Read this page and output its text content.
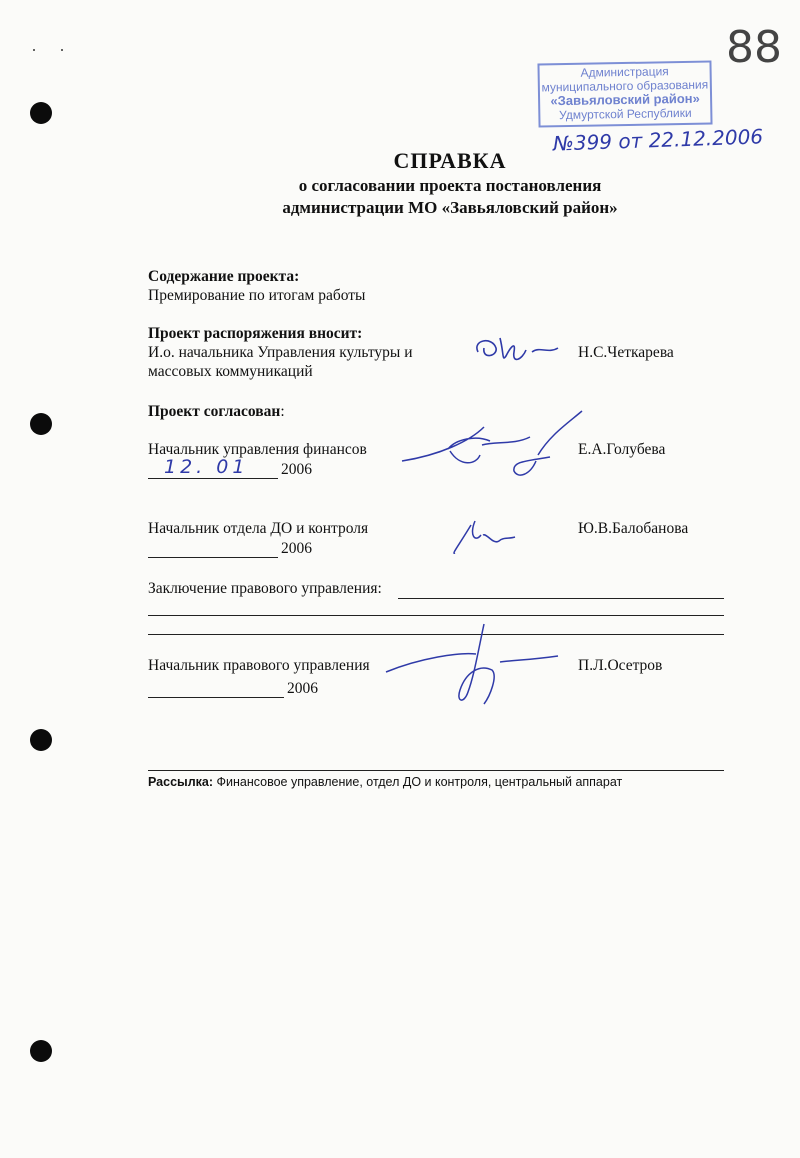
88
Администрация
муниципального образования
«Завьяловский район»
Удмуртской Республики
№399 от 22.12.2006
СПРАВКА
о согласовании проекта постановления
администрации МО «Завьяловский район»
Содержание проекта:
Премирование по итогам работы
Проект распоряжения вносит:
И.о. начальника Управления культуры и
массовых коммуникаций
Н.С.Четкарева
Проект согласован:
Начальник управления финансов
2006
12. 01
Е.А.Голубева
Начальник отдела ДО и контроля
2006
Ю.В.Балобанова
Заключение правового управления:
Начальник правового управления
2006
П.Л.Осетров
Рассылка: Финансовое управление, отдел ДО и контроля, центральный аппарат
